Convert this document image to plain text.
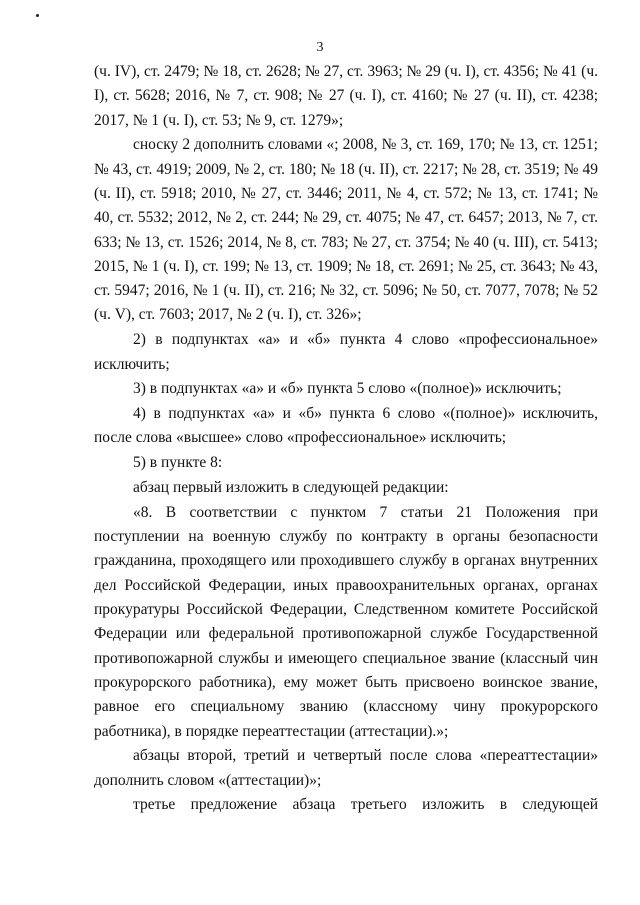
3

(ч. IV), ст. 2479; № 18, ст. 2628; № 27, ст. 3963; № 29 (ч. I), ст. 4356; № 41 (ч. I), ст. 5628; 2016, № 7, ст. 908; № 27 (ч. I), ст. 4160; № 27 (ч. II), ст. 4238; 2017, № 1 (ч. I), ст. 53; № 9, ст. 1279»;

сноску 2 дополнить словами «; 2008, № 3, ст. 169, 170; № 13, ст. 1251; № 43, ст. 4919; 2009, № 2, ст. 180; № 18 (ч. II), ст. 2217; № 28, ст. 3519; № 49 (ч. II), ст. 5918; 2010, № 27, ст. 3446; 2011, № 4, ст. 572; № 13, ст. 1741; № 40, ст. 5532; 2012, № 2, ст. 244; № 29, ст. 4075; № 47, ст. 6457; 2013, № 7, ст. 633; № 13, ст. 1526; 2014, № 8, ст. 783; № 27, ст. 3754; № 40 (ч. III), ст. 5413; 2015, № 1 (ч. I), ст. 199; № 13, ст. 1909; № 18, ст. 2691; № 25, ст. 3643; № 43, ст. 5947; 2016, № 1 (ч. II), ст. 216; № 32, ст. 5096; № 50, ст. 7077, 7078; № 52 (ч. V), ст. 7603; 2017, № 2 (ч. I), ст. 326»;

2) в подпунктах «а» и «б» пункта 4 слово «профессиональное» исключить;

3) в подпунктах «а» и «б» пункта 5 слово «(полное)» исключить;

4) в подпунктах «а» и «б» пункта 6 слово «(полное)» исключить, после слова «высшее» слово «профессиональное» исключить;

5) в пункте 8:

абзац первый изложить в следующей редакции:

«8. В соответствии с пунктом 7 статьи 21 Положения при поступлении на военную службу по контракту в органы безопасности гражданина, проходящего или проходившего службу в органах внутренних дел Российской Федерации, иных правоохранительных органах, органах прокуратуры Российской Федерации, Следственном комитете Российской Федерации или федеральной противопожарной службе Государственной противопожарной службы и имеющего специальное звание (классный чин прокурорского работника), ему может быть присвоено воинское звание, равное его специальному званию (классному чину прокурорского работника), в порядке переаттестации (аттестации).»;

абзацы второй, третий и четвертый после слова «переаттестации» дополнить словом «(аттестации)»;

третье предложение абзаца третьего изложить в следующей
